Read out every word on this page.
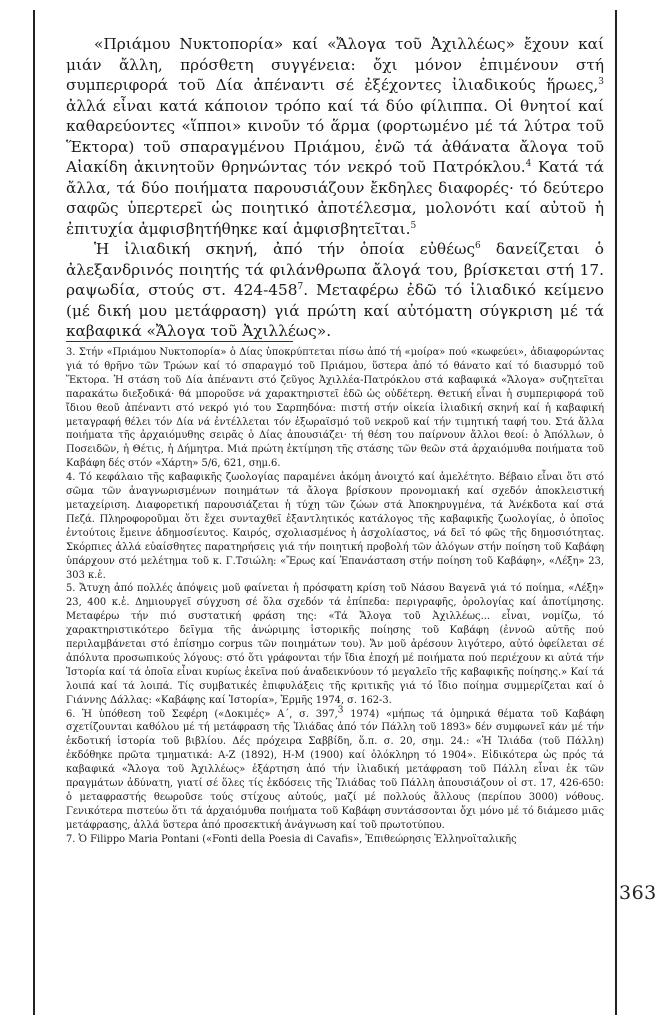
363

«Πριάμου Νυκτοπορία» καί «Ἄλογα τοῦ Ἀχιλλέως» ἔχουν καί μιάν ἄλλη, πρόσθετη συγγένεια: ὄχι μόνον ἐπιμένουν στή συμπεριφορά τοῦ Δία ἀπέναντι σέ ἐξέχοντες ἰλιαδικούς ἥρωες,$^3$ ἀλλά εἶναι κατά κάποιον τρόπο καί τά δύο φίλιππα. Οἱ θνητοί καί καθαρεύοντες «ἵπποι» κινοῦν τό ἅρμα (φορτωμένο μέ τά λύτρα τοῦ Ἕκτορα) τοῦ σπαραγμένου Πριάμου, ἐνῶ τά ἀθάνατα ἄλογα τοῦ Αἰακίδη ἀκινητοῦν θρηνώντας τόν νεκρό τοῦ Πατρόκλου.$^4$ Κατά τά ἄλλα, τά δύο ποιήματα παρουσιάζουν ἔκδηλες διαφορές· τό δεύτερο σαφῶς ὑπερτερεῖ ὡς ποιητικό ἀποτέλεσμα, μολονότι καί αὐτοῦ ἡ ἐπιτυχία ἀμφισβητήθηκε καί ἀμφισβητεῖται.$^5$

Ἡ ἰλιαδική σκηνή, ἀπό τήν ὁποία εὐθέως$^6$ δανείζεται ὁ ἀλεξανδρινός ποιητής τά φιλάνθρωπα ἄλογά του, βρίσκεται στή 17. ραψωδία, στούς στ. $424-458^7$. Μεταφέρω ἐδῶ τό ἰλιαδικό κείμενο (μέ δική μου μετάφραση) γιά πρώτη καί αὐτόματη σύγκριση μέ τά καβαφικά «Ἄλογα τοῦ Ἀχιλλέως».

3. Στήν «Πριάμου Νυκτοπορία» ὁ Δίας ὑποκρύπτεται πίσω ἀπό τή «μοίρα» πού «κωφεύει», ἀδιαφορώντας γιά τό θρῆνο τῶν Τρώων καί τό σπαραγμό τοῦ Πριάμου, ὕστερα ἀπό τό θάνατο καί τό διασυρμό τοῦ Ἕκτορα. Ἡ στάση τοῦ Δία ἀπέναντι στό ζεῦγος Ἀχιλλέα-Πατρόκλου στά καβαφικά «Ἄλογα» συζητεῖται παρακάτω διεξοδικά· θά μποροῦσε νά χαρακτηριστεῖ ἐδῶ ὡς οὐδέτερη. Θετική εἶναι ἡ συμπεριφορά τοῦ ἴδιου θεοῦ ἀπέναντι στό νεκρό γιό του Σαρπηδόνα: πιστή στήν οἰκεία ἰλιαδική σκηνή καί ἡ καβαφική μεταγραφή θέλει τόν Δία νά ἐντέλλεται τόν ἐξωραϊσμό τοῦ νεκροῦ καί τήν τιμητική ταφή του. Στά ἄλλα ποιήματα τῆς ἀρχαιόμυθης σειρᾶς ὁ Δίας ἀπουσιάζει· τή θέση του παίρνουν ἄλλοι θεοί: ὁ Ἀπόλλων, ὁ Ποσειδῶν, ἡ Θέτις, ἡ Δήμητρα. Μιά πρώτη ἐκτίμηση τῆς στάσης τῶν θεῶν στά ἀρχαιόμυθα ποιήματα τοῦ Καβάφη δές στόν «Χάρτη» 5/6, 621, σημ.6.

4. Τό κεφάλαιο τῆς καβαφικῆς ζωολογίας παραμένει ἀκόμη ἀνοιχτό καί ἀμελέτητο. Βέβαιο εἶναι ὅτι στό σῶμα τῶν ἀναγνωρισμένων ποιημάτων τά ἄλογα βρίσκουν προνομιακή καί σχεδόν ἀποκλειστική μεταχείριση. Διαφορετική παρουσιάζεται ἡ τύχη τῶν ζώων στά Ἀποκηρυγμένα, τά Ἀνέκδοτα καί στά Πεζά. Πληροφοροῦμαι ὅτι ἔχει συνταχθεῖ ἐξαντλητικός κατάλογος τῆς καβαφικῆς ζωολογίας, ὁ ὁποῖος ἐντούτοις ἔμεινε ἀδημοσίευτος. Καιρός, σχολιασμένος ἡ ἀσχολίαστος, νά δεῖ τό φῶς τῆς δημοσιότητας. Σκόρπιες ἀλλά εὐαίσθητες παρατηρήσεις γιά τήν ποιητική προβολή τῶν ἀλόγων στήν ποίηση τοῦ Καβάφη ὑπάρχουν στό μελέτημα τοῦ κ. Γ.Τσιώλη: «Ἔρως καί Ἐπανάσταση στήν ποίηση τοῦ Καβάφη», «Λέξη» 23, 303 κ.ἑ.

5. Ἄτυχη ἀπό πολλές ἀπόψεις μοῦ φαίνεται ἡ πρόσφατη κρίση τοῦ Νάσου Βαγενᾶ γιά τό ποίημα, «Λέξη» 23, 400 κ.ἑ. Δημιουργεῖ σύγχυση σέ ὅλα σχεδόν τά ἐπίπεδα: περιγραφῆς, ὁρολογίας καί ἀποτίμησης. Μεταφέρω τήν πιό συστατική φράση της: «Τά Ἄλογα τοῦ Ἀχιλλέως... εἶναι, νομίζω, τό χαρακτηριστικότερο δεῖγμα τῆς ἀνώριμης ἱστορικῆς ποίησης τοῦ Καβάφη (ἐννοῶ αὐτῆς πού περιλαμβάνεται στό ἐπίσημο corpus τῶν ποιημάτων του). Ἄν μοῦ ἀρέσουν λιγότερο, αὐτό ὀφείλεται σέ ἀπόλυτα προσωπικούς λόγους: στό ὅτι γράφονται τήν ἴδια ἐποχή μέ ποιήματα πού περιέχουν κι αὐτά τήν Ἱστορία καί τά ὁποῖα εἶναι κυρίως ἐκεῖνα πού ἀναδεικνύουν τό μεγαλεῖο τῆς καβαφικῆς ποίησης.» Καί τά λοιπά καί τά λοιπά. Τίς συμβατικές ἐπιφυλάξεις τῆς κριτικῆς γιά τό ἴδιο ποίημα συμμερίζεται καί ὁ Γιάννης Δάλλας: «Καβάφης καί Ἱστορία», Ἑρμῆς 1974, σ. 162-3.

6. Ἡ ὑπόθεση τοῦ Σεφέρη («Δοκιμές» Α΄, σ. 397,$^3$ 1974) «μήπως τά ὁμηρικά θέματα τοῦ Καβάφη σχετίζουνται καθόλου μέ τή μετάφραση τῆς Ἰλιάδας ἀπό τόν Πάλλη τοῦ 1893» δέν συμφωνεῖ κάν μέ τήν ἐκδοτική ἱστορία τοῦ βιβλίου. Δές πρόχειρα Σαββίδη, ὅ.π. σ. 20, σημ. 24.: «Ἡ Ἰλιάδα (τοῦ Πάλλη) ἐκδόθηκε πρῶτα τμηματικά: Α-Ζ (1892), Η-Μ (1900) καί ὁλόκληρη τό 1904». Εἰδικότερα ὡς πρός τά καβαφικά «Ἄλογα τοῦ Ἀχιλλέως» ἐξάρτηση ἀπό τήν ἰλιαδική μετάφραση τοῦ Πάλλη εἶναι ἐκ τῶν πραγμάτων ἀδύνατη, γιατί σέ ὅλες τίς ἐκδόσεις τῆς Ἰλιάδας τοῦ Πάλλη ἀπουσιάζουν οἱ στ. 17, 426-650: ὁ μεταφραστής θεωροῦσε τούς στίχους αὐτούς, μαζί μέ πολλούς ἄλλους (περίπου 3000) νόθους. Γενικότερα πιστεύω ὅτι τά ἀρχαιόμυθα ποιήματα τοῦ Καβάφη συντάσσονται ὄχι μόνο μέ τό διάμεσο μιᾶς μετάφρασης, ἀλλά ὕστερα ἀπό προσεκτική ἀνάγνωση καί τοῦ πρωτοτύπου.

7. Ὁ Filippo Maria Pontani («Fonti della Poesia di Cavafis», Ἐπιθεώρησις Ἑλληνοϊταλικῆς
